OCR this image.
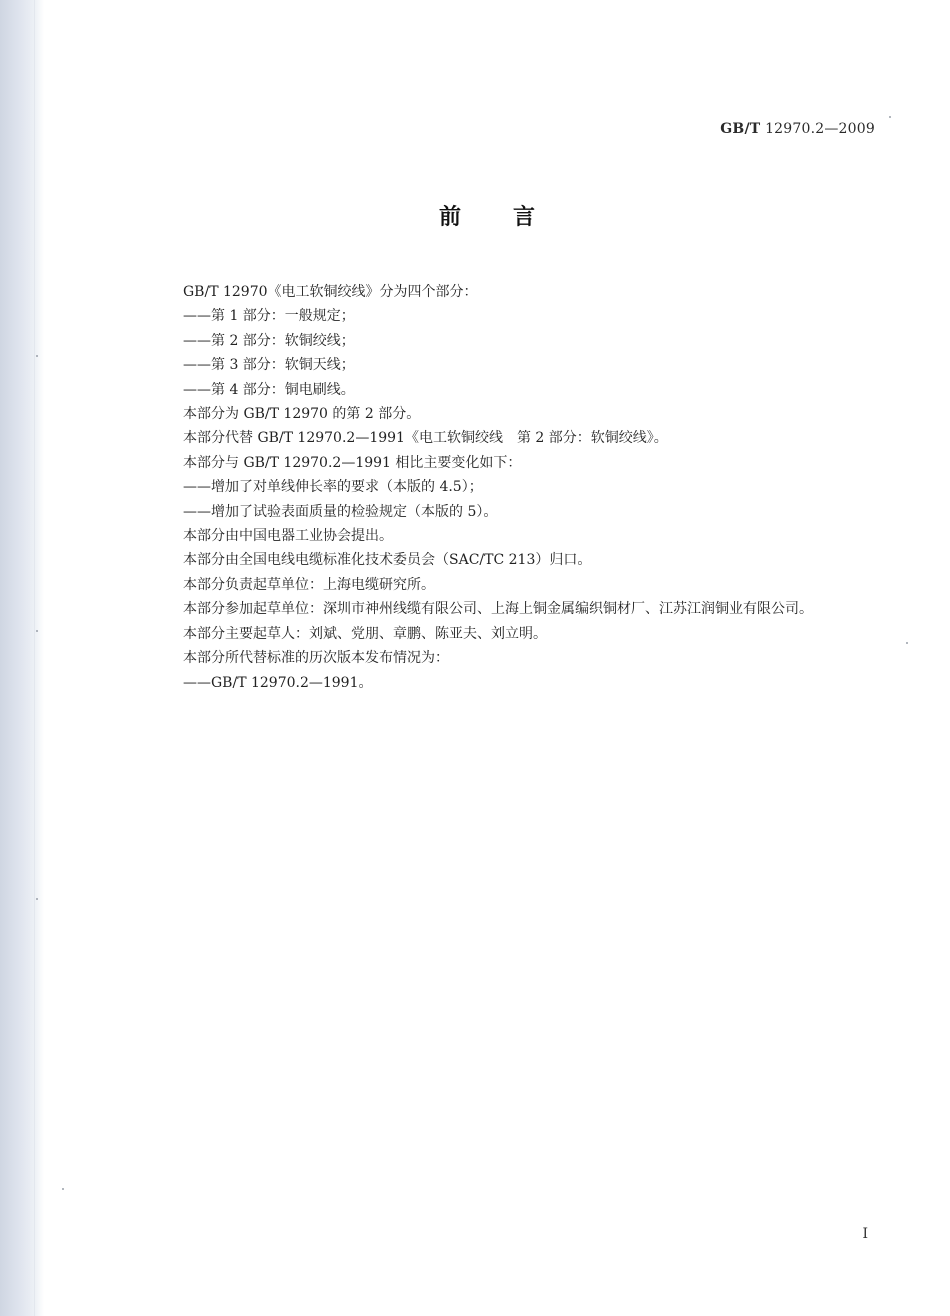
GB/T 12970.2—2009
前言

GB/T 12970《电工软铜绞线》分为四个部分：

——第 1 部分：一般规定；

——第 2 部分：软铜绞线；

——第 3 部分：软铜天线；

——第 4 部分：铜电刷线。

本部分为 GB/T 12970 的第 2 部分。

本部分代替 GB/T 12970.2—1991《电工软铜绞线　第 2 部分：软铜绞线》。

本部分与 GB/T 12970.2—1991 相比主要变化如下：

——增加了对单线伸长率的要求（本版的 4.5）；

——增加了试验表面质量的检验规定（本版的 5）。

本部分由中国电器工业协会提出。

本部分由全国电线电缆标准化技术委员会（SAC/TC 213）归口。

本部分负责起草单位：上海电缆研究所。

本部分参加起草单位：深圳市神州线缆有限公司、上海上铜金属编织铜材厂、江苏江润铜业有限公司。

本部分主要起草人：刘斌、党朋、章鹏、陈亚夫、刘立明。

本部分所代替标准的历次版本发布情况为：

——GB/T 12970.2—1991。

I
